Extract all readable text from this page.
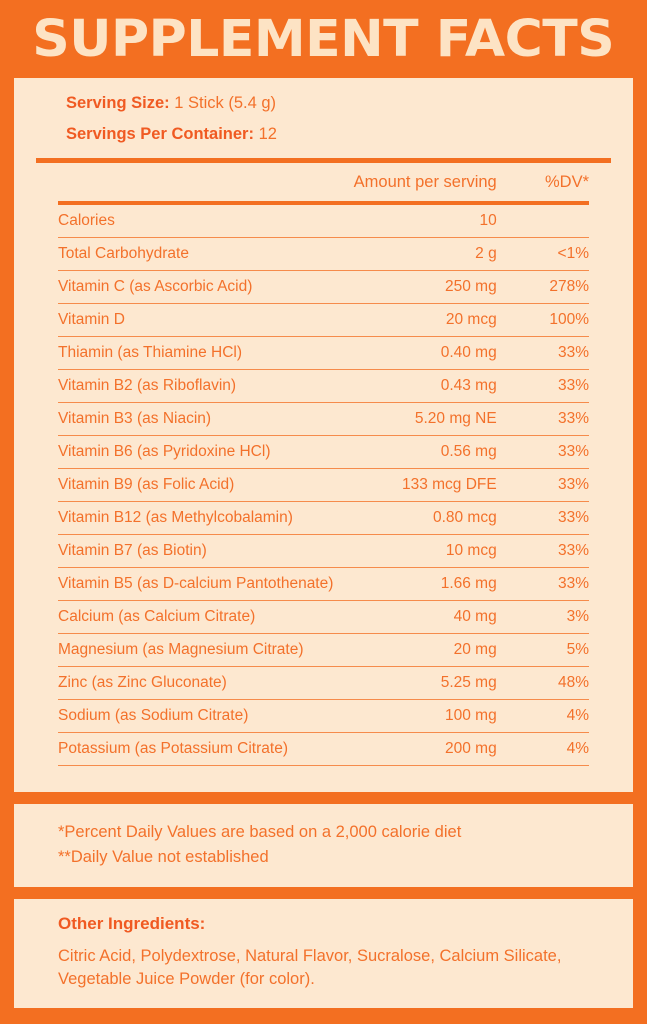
SUPPLEMENT FACTS
Serving Size: 1 Stick (5.4 g)
Servings Per Container: 12
	Amount per serving	%DV*

Calories	10	
Total Carbohydrate	2 g	<1%
Vitamin C (as Ascorbic Acid)	250 mg	278%
Vitamin D	20 mcg	100%
Thiamin (as Thiamine HCl)	0.40 mg	33%
Vitamin B2 (as Riboflavin)	0.43 mg	33%
Vitamin B3 (as Niacin)	5.20 mg NE	33%
Vitamin B6 (as Pyridoxine HCl)	0.56 mg	33%
Vitamin B9 (as Folic Acid)	133 mcg DFE	33%
Vitamin B12 (as Methylcobalamin)	0.80 mcg	33%
Vitamin B7 (as Biotin)	10 mcg	33%
Vitamin B5 (as D-calcium Pantothenate)	1.66 mg	33%
Calcium (as Calcium Citrate)	40 mg	3%
Magnesium (as Magnesium Citrate)	20 mg	5%
Zinc (as Zinc Gluconate)	5.25 mg	48%
Sodium (as Sodium Citrate)	100 mg	4%
Potassium (as Potassium Citrate)	200 mg	4%
*Percent Daily Values are based on a 2,000 calorie diet
**Daily Value not established
Other Ingredients:
Citric Acid, Polydextrose, Natural Flavor, Sucralose, Calcium Silicate, Vegetable Juice Powder (for color).
